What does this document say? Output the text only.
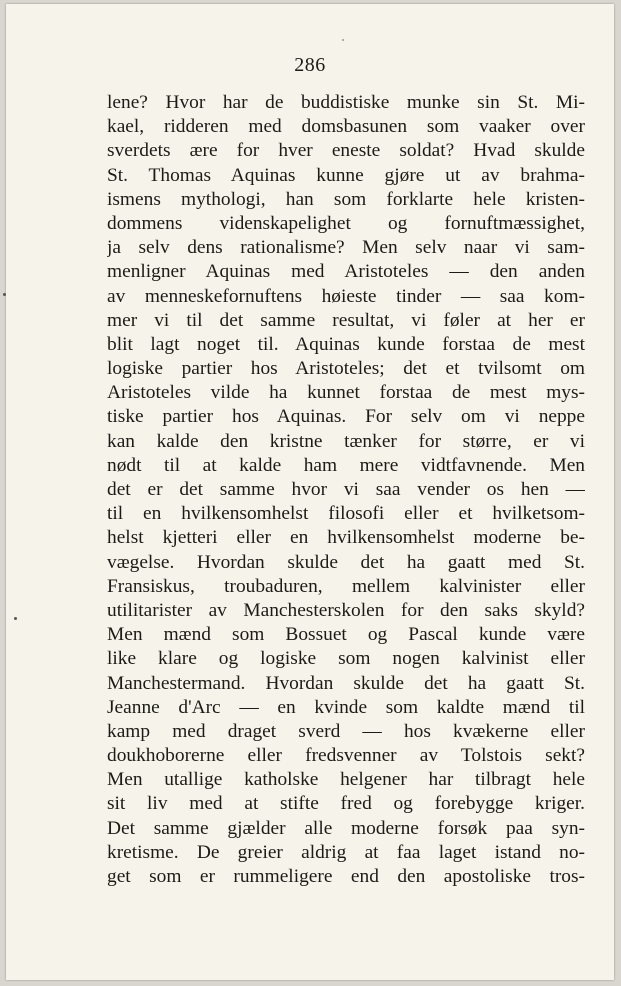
286
lene? Hvor har de buddistiske munke sin St. Mi-
kael, ridderen med domsbasunen som vaaker over
sverdets ære for hver eneste soldat? Hvad skulde
St. Thomas Aquinas kunne gjøre ut av brahma-
ismens mythologi, han som forklarte hele kristen-
dommens videnskapelighet og fornuftmæssighet,
ja selv dens rationalisme? Men selv naar vi sam-
menligner Aquinas med Aristoteles — den anden
av menneskefornuftens høieste tinder — saa kom-
mer vi til det samme resultat, vi føler at her er
blit lagt noget til. Aquinas kunde forstaa de mest
logiske partier hos Aristoteles; det et tvilsomt om
Aristoteles vilde ha kunnet forstaa de mest mys-
tiske partier hos Aquinas. For selv om vi neppe
kan kalde den kristne tænker for større, er vi
nødt til at kalde ham mere vidtfavnende. Men
det er det samme hvor vi saa vender os hen —
til en hvilkensomhelst filosofi eller et hvilketsom-
helst kjetteri eller en hvilkensomhelst moderne be-
vægelse. Hvordan skulde det ha gaatt med St.
Fransiskus, troubaduren, mellem kalvinister eller
utilitarister av Manchesterskolen for den saks skyld?
Men mænd som Bossuet og Pascal kunde være
like klare og logiske som nogen kalvinist eller
Manchestermand. Hvordan skulde det ha gaatt St.
Jeanne d'Arc — en kvinde som kaldte mænd til
kamp med draget sverd — hos kvækerne eller
doukhoborerne eller fredsvenner av Tolstois sekt?
Men utallige katholske helgener har tilbragt hele
sit liv med at stifte fred og forebygge kriger.
Det samme gjælder alle moderne forsøk paa syn-
kretisme. De greier aldrig at faa laget istand no-
get som er rummeligere end den apostoliske tros-
